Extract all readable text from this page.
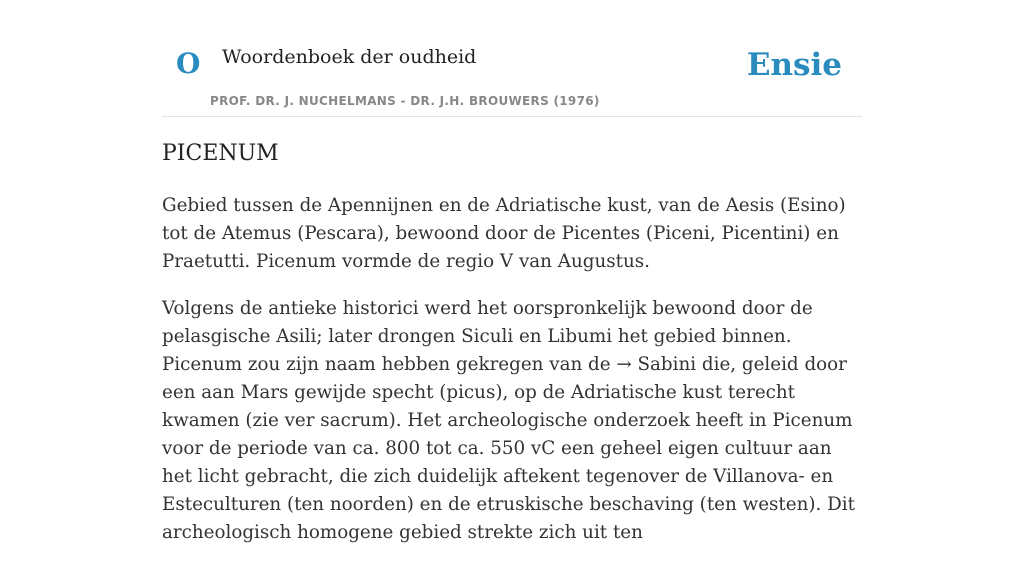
O Woordenboek der oudheid
PROF. DR. J. NUCHELMANS - DR. J.H. BROUWERS (1976)
Ensie
PICENUM

Gebied tussen de Apennijnen en de Adriatische kust, van de Aesis (Esino) tot de Atemus (Pescara), bewoond door de Picentes (Piceni, Picentini) en Praetutti. Picenum vormde de regio V van Augustus.

Volgens de antieke historici werd het oorspronkelijk bewoond door de pelasgische Asili; later drongen Siculi en Libumi het gebied binnen. Picenum zou zijn naam hebben gekregen van de → Sabini die, geleid door een aan Mars gewijde specht (picus), op de Adriatische kust terecht kwamen (zie ver sacrum). Het archeologische onderzoek heeft in Picenum voor de periode van ca. 800 tot ca. 550 vC een geheel eigen cultuur aan het licht gebracht, die zich duidelijk aftekent tegenover de Villanova- en Esteculturen (ten noorden) en de etruskische beschaving (ten westen). Dit archeologisch homogene gebied strekte zich uit ten
